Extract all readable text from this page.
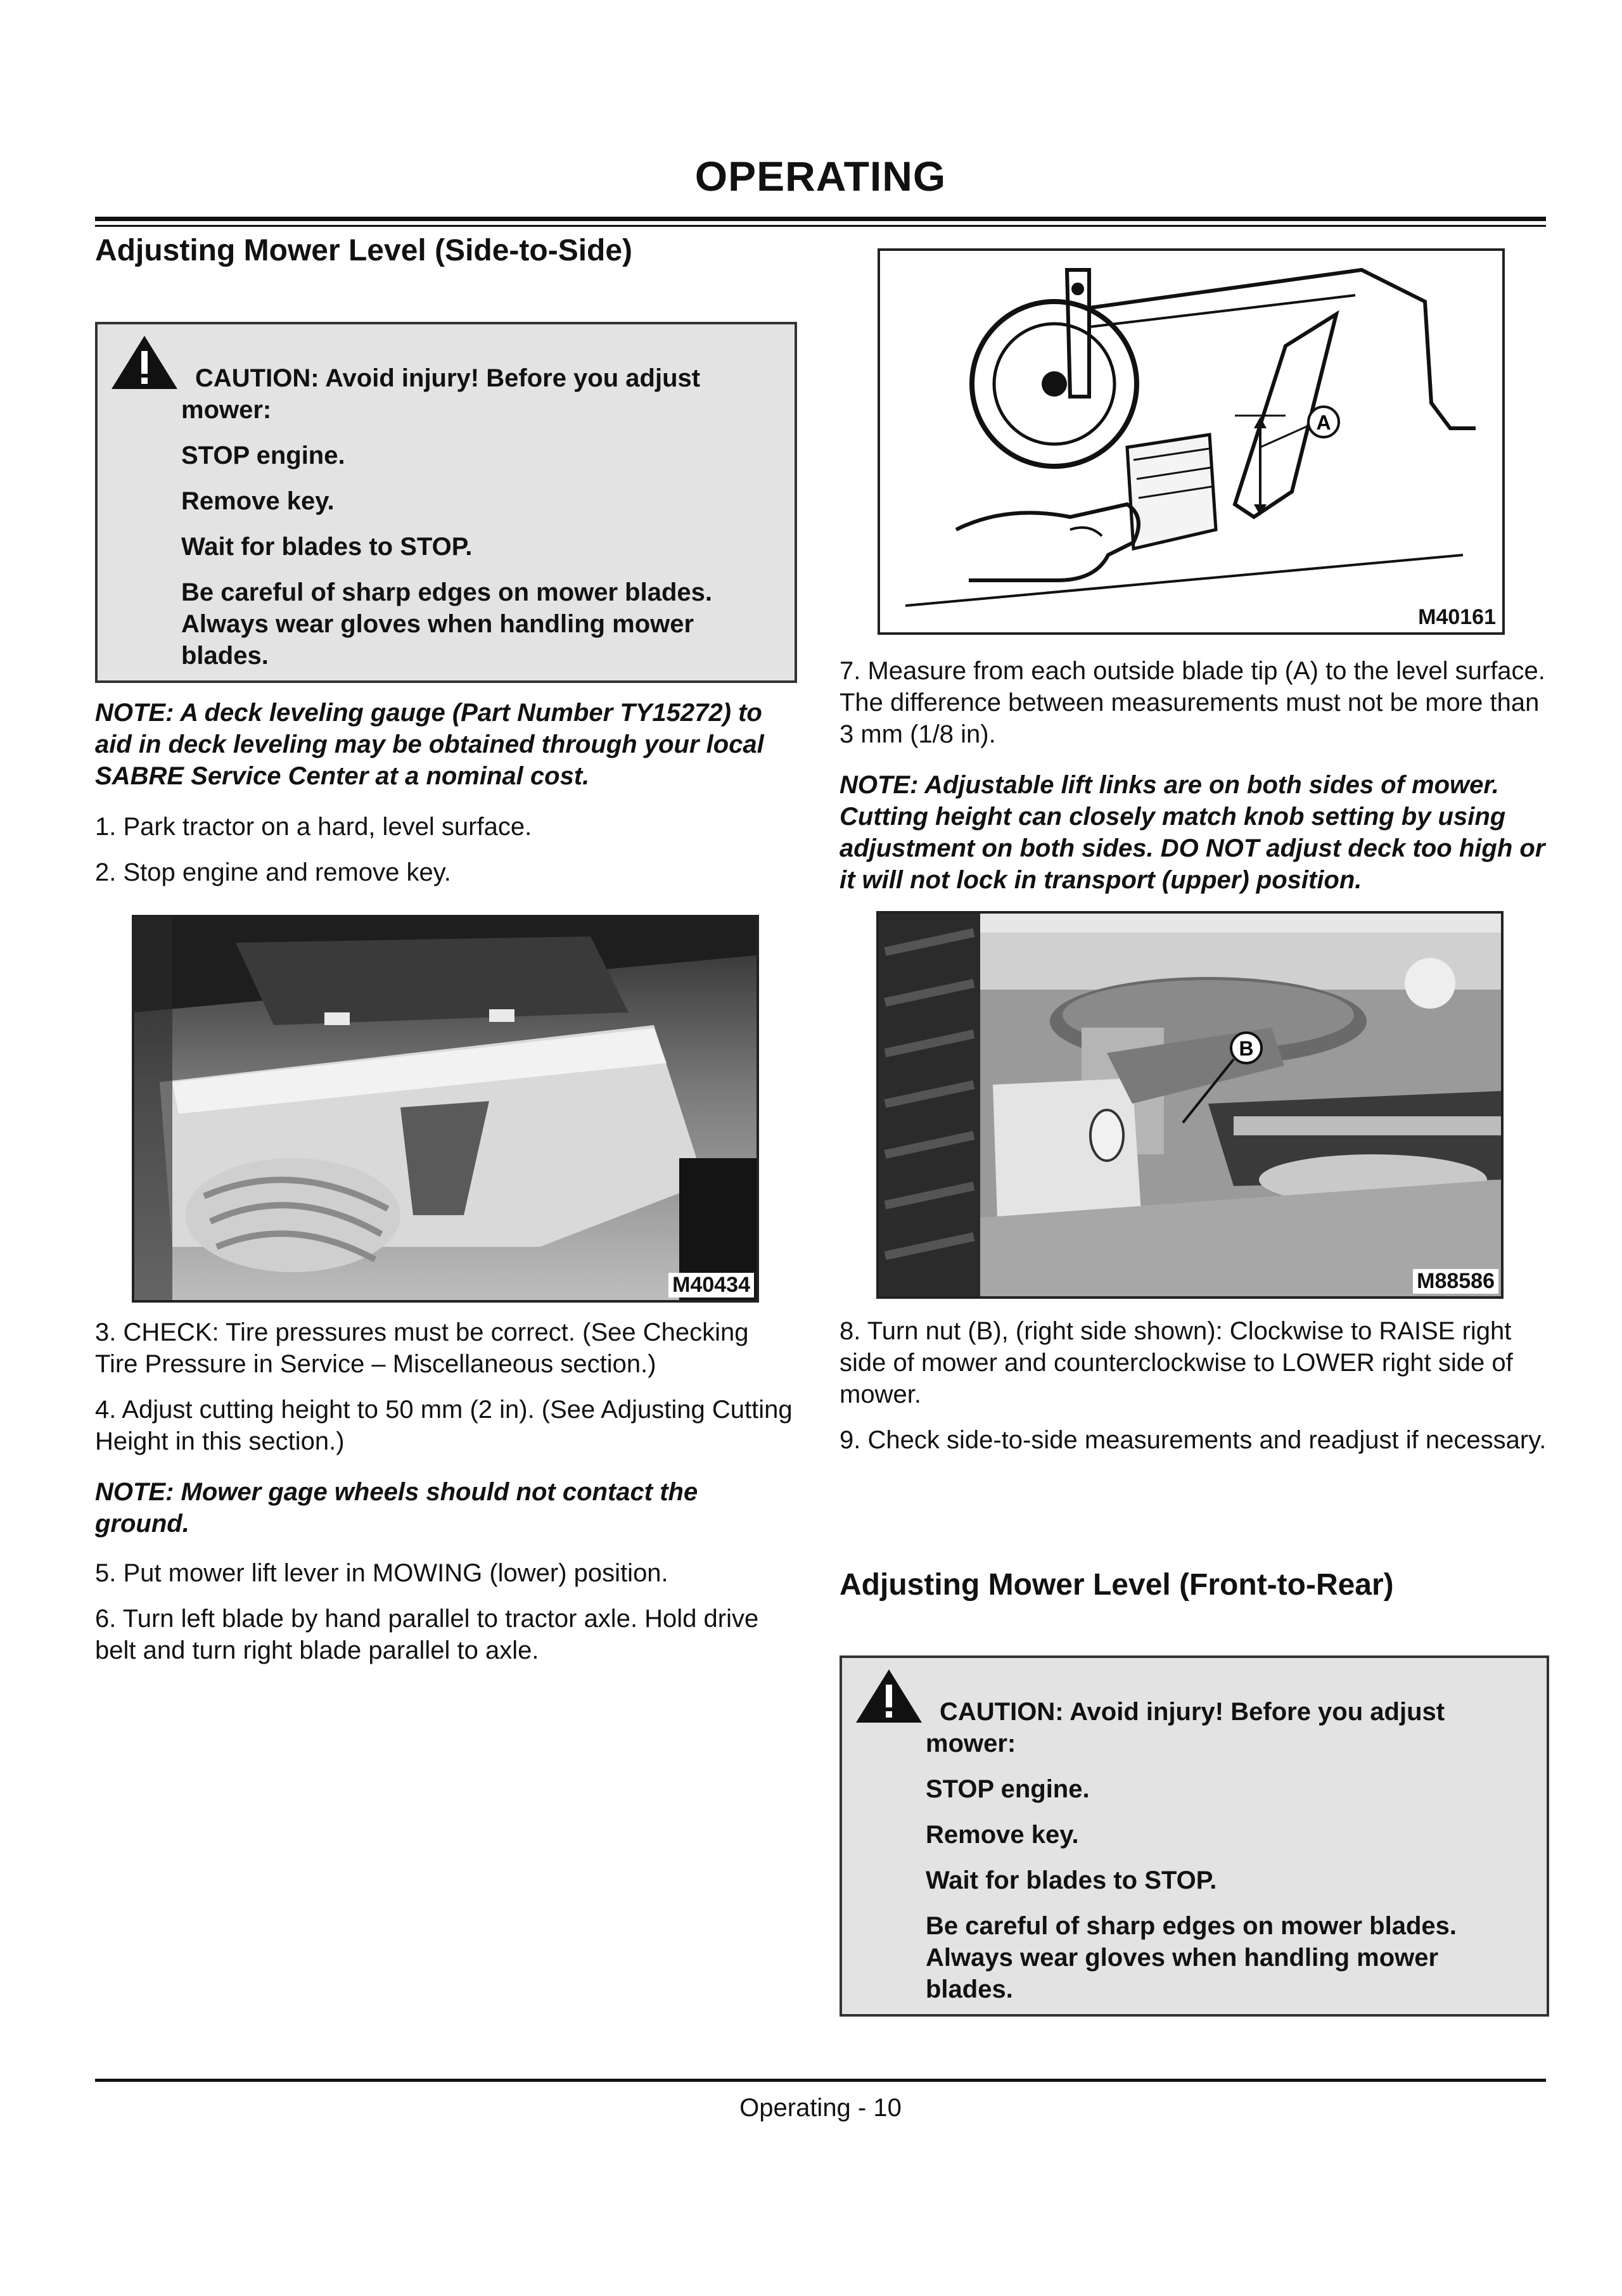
OPERATING
Adjusting Mower Level (Side-to-Side)
CAUTION: Avoid injury! Before you adjust mower:
STOP engine.
Remove key.
Wait for blades to STOP.
Be careful of sharp edges on mower blades. Always wear gloves when handling mower blades.
NOTE: A deck leveling gauge (Part Number TY15272) to aid in deck leveling may be obtained through your local SABRE Service Center at a nominal cost.

1. Park tractor on a hard, level surface.

2. Stop engine and remove key.

M40434

3. CHECK: Tire pressures must be correct. (See Checking Tire Pressure in Service – Miscellaneous section.)

4. Adjust cutting height to 50 mm (2 in). (See Adjusting Cutting Height in this section.)

NOTE: Mower gage wheels should not contact the ground.

5. Put mower lift lever in MOWING (lower) position.

6. Turn left blade by hand parallel to tractor axle. Hold drive belt and turn right blade parallel to axle.

A
M40161

7. Measure from each outside blade tip (A) to the level surface. The difference between measurements must not be more than 3 mm (1/8 in).

NOTE: Adjustable lift links are on both sides of mower. Cutting height can closely match knob setting by using adjustment on both sides. DO NOT adjust deck too high or it will not lock in transport (upper) position.
B
M88586

8. Turn nut (B), (right side shown): Clockwise to RAISE right side of mower and counterclockwise to LOWER right side of mower.

9. Check side-to-side measurements and readjust if necessary.

Adjusting Mower Level (Front-to-Rear)
CAUTION: Avoid injury! Before you adjust mower:
STOP engine.
Remove key.
Wait for blades to STOP.
Be careful of sharp edges on mower blades. Always wear gloves when handling mower blades.
Operating - 10
